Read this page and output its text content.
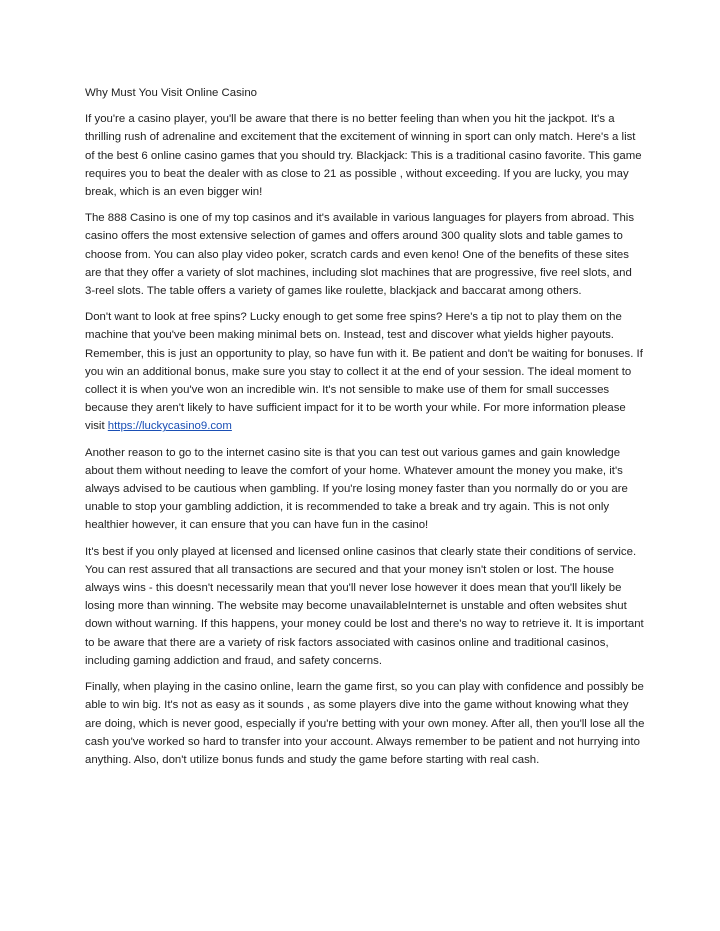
Why Must You Visit Online Casino

If you're a casino player, you'll be aware that there is no better feeling than when you hit the jackpot. It's a thrilling rush of adrenaline and excitement that the excitement of winning in sport can only match. Here's a list of the best 6 online casino games that you should try. Blackjack: This is a traditional casino favorite. This game requires you to beat the dealer with as close to 21 as possible , without exceeding. If you are lucky, you may break, which is an even bigger win!

The 888 Casino is one of my top casinos and it's available in various languages for players from abroad. This casino offers the most extensive selection of games and offers around 300 quality slots and table games to choose from. You can also play video poker, scratch cards and even keno! One of the benefits of these sites are that they offer a variety of slot machines, including slot machines that are progressive, five reel slots, and 3-reel slots. The table offers a variety of games like roulette, blackjack and baccarat among others.

Don't want to look at free spins? Lucky enough to get some free spins? Here's a tip not to play them on the machine that you've been making minimal bets on. Instead, test and discover what yields higher payouts. Remember, this is just an opportunity to play, so have fun with it. Be patient and don't be waiting for bonuses. If you win an additional bonus, make sure you stay to collect it at the end of your session. The ideal moment to collect it is when you've won an incredible win. It's not sensible to make use of them for small successes because they aren't likely to have sufficient impact for it to be worth your while. For more information please visit https://luckycasino9.com

Another reason to go to the internet casino site is that you can test out various games and gain knowledge about them without needing to leave the comfort of your home. Whatever amount the money you make, it's always advised to be cautious when gambling. If you're losing money faster than you normally do or you are unable to stop your gambling addiction, it is recommended to take a break and try again. This is not only healthier however, it can ensure that you can have fun in the casino!

It's best if you only played at licensed and licensed online casinos that clearly state their conditions of service. You can rest assured that all transactions are secured and that your money isn't stolen or lost. The house always wins - this doesn't necessarily mean that you'll never lose however it does mean that you'll likely be losing more than winning. The website may become unavailableInternet is unstable and often websites shut down without warning. If this happens, your money could be lost and there's no way to retrieve it. It is important to be aware that there are a variety of risk factors associated with casinos online and traditional casinos, including gaming addiction and fraud, and safety concerns.

Finally, when playing in the casino online, learn the game first, so you can play with confidence and possibly be able to win big. It's not as easy as it sounds , as some players dive into the game without knowing what they are doing, which is never good, especially if you're betting with your own money. After all, then you'll lose all the cash you've worked so hard to transfer into your account. Always remember to be patient and not hurrying into anything. Also, don't utilize bonus funds and study the game before starting with real cash.
